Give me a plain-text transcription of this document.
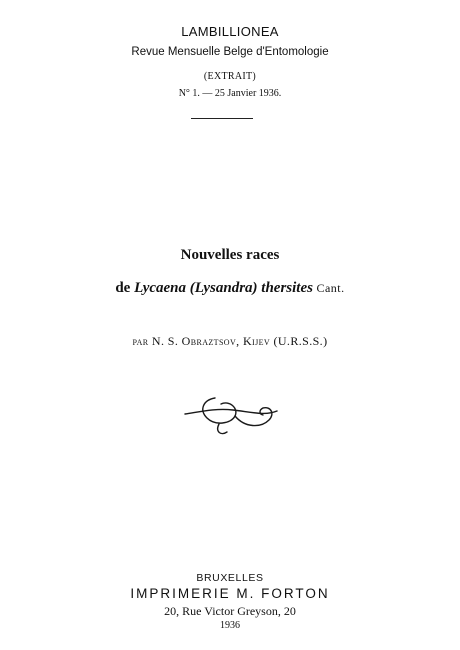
LAMBILLIONEA
Revue Mensuelle Belge d'Entomologie
(EXTRAIT)
N° 1. — 25 Janvier 1936.
Nouvelles races
de Lycaena (Lysandra) thersites Cant.
par N. S. Obraztsov, Kijev (U.R.S.S.)
BRUXELLES
IMPRIMERIE M. FORTON
20, Rue Victor Greyson, 20
1936
